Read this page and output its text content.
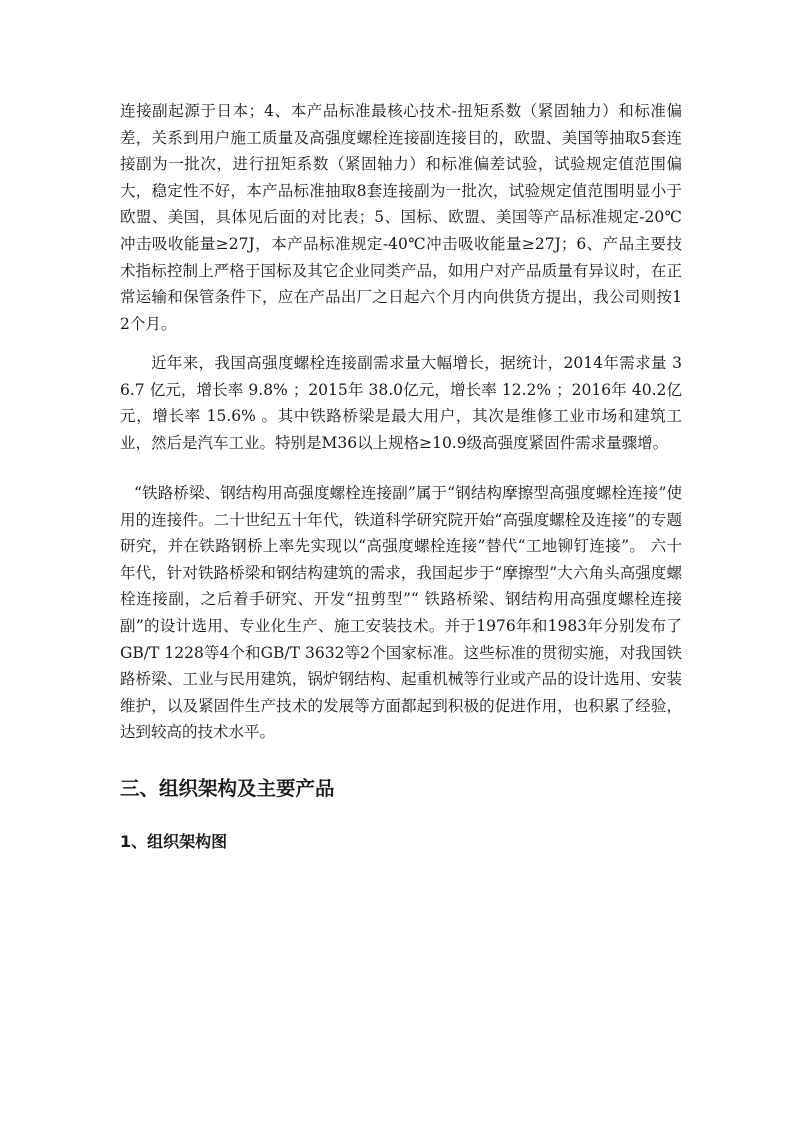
连接副起源于日本；4、本产品标准最核心技术-扭矩系数（紧固轴力）和标准偏差，关系到用户施工质量及高强度螺栓连接副连接目的，欧盟、美国等抽取5套连接副为一批次，进行扭矩系数（紧固轴力）和标准偏差试验，试验规定值范围偏大，稳定性不好，本产品标准抽取8套连接副为一批次，试验规定值范围明显小于欧盟、美国，具体见后面的对比表；5、国标、欧盟、美国等产品标准规定-20℃冲击吸收能量≥27J，本产品标准规定-40℃冲击吸收能量≥27J；6、产品主要技术指标控制上严格于国标及其它企业同类产品，如用户对产品质量有异议时，在正常运输和保管条件下，应在产品出厂之日起六个月内向供货方提出，我公司则按12个月。

近年来，我国高强度螺栓连接副需求量大幅增长，据统计，2014年需求量 36.7 亿元，增长率 9.8% ；2015年 38.0亿元，增长率 12.2% ；2016年 40.2亿元，增长率 15.6% 。其中铁路桥梁是最大用户，其次是维修工业市场和建筑工业，然后是汽车工业。特别是M36以上规格≥10.9级高强度紧固件需求量骤增。

“铁路桥梁、钢结构用高强度螺栓连接副”属于“钢结构摩擦型高强度螺栓连接”使用的连接件。二十世纪五十年代，铁道科学研究院开始“高强度螺栓及连接”的专题研究，并在铁路钢桥上率先实现以“高强度螺栓连接”替代“工地铆钉连接”。 六十年代，针对铁路桥梁和钢结构建筑的需求，我国起步于“摩擦型”大六角头高强度螺栓连接副，之后着手研究、开发“扭剪型”“ 铁路桥梁、钢结构用高强度螺栓连接副”的设计选用、专业化生产、施工安装技术。并于1976年和1983年分别发布了GB/T 1228等4个和GB/T 3632等2个国家标准。这些标准的贯彻实施，对我国铁路桥梁、工业与民用建筑，锅炉钢结构、起重机械等行业或产品的设计选用、安装维护，以及紧固件生产技术的发展等方面都起到积极的促进作用，也积累了经验，达到较高的技术水平。

三、组织架构及主要产品
1、组织架构图
